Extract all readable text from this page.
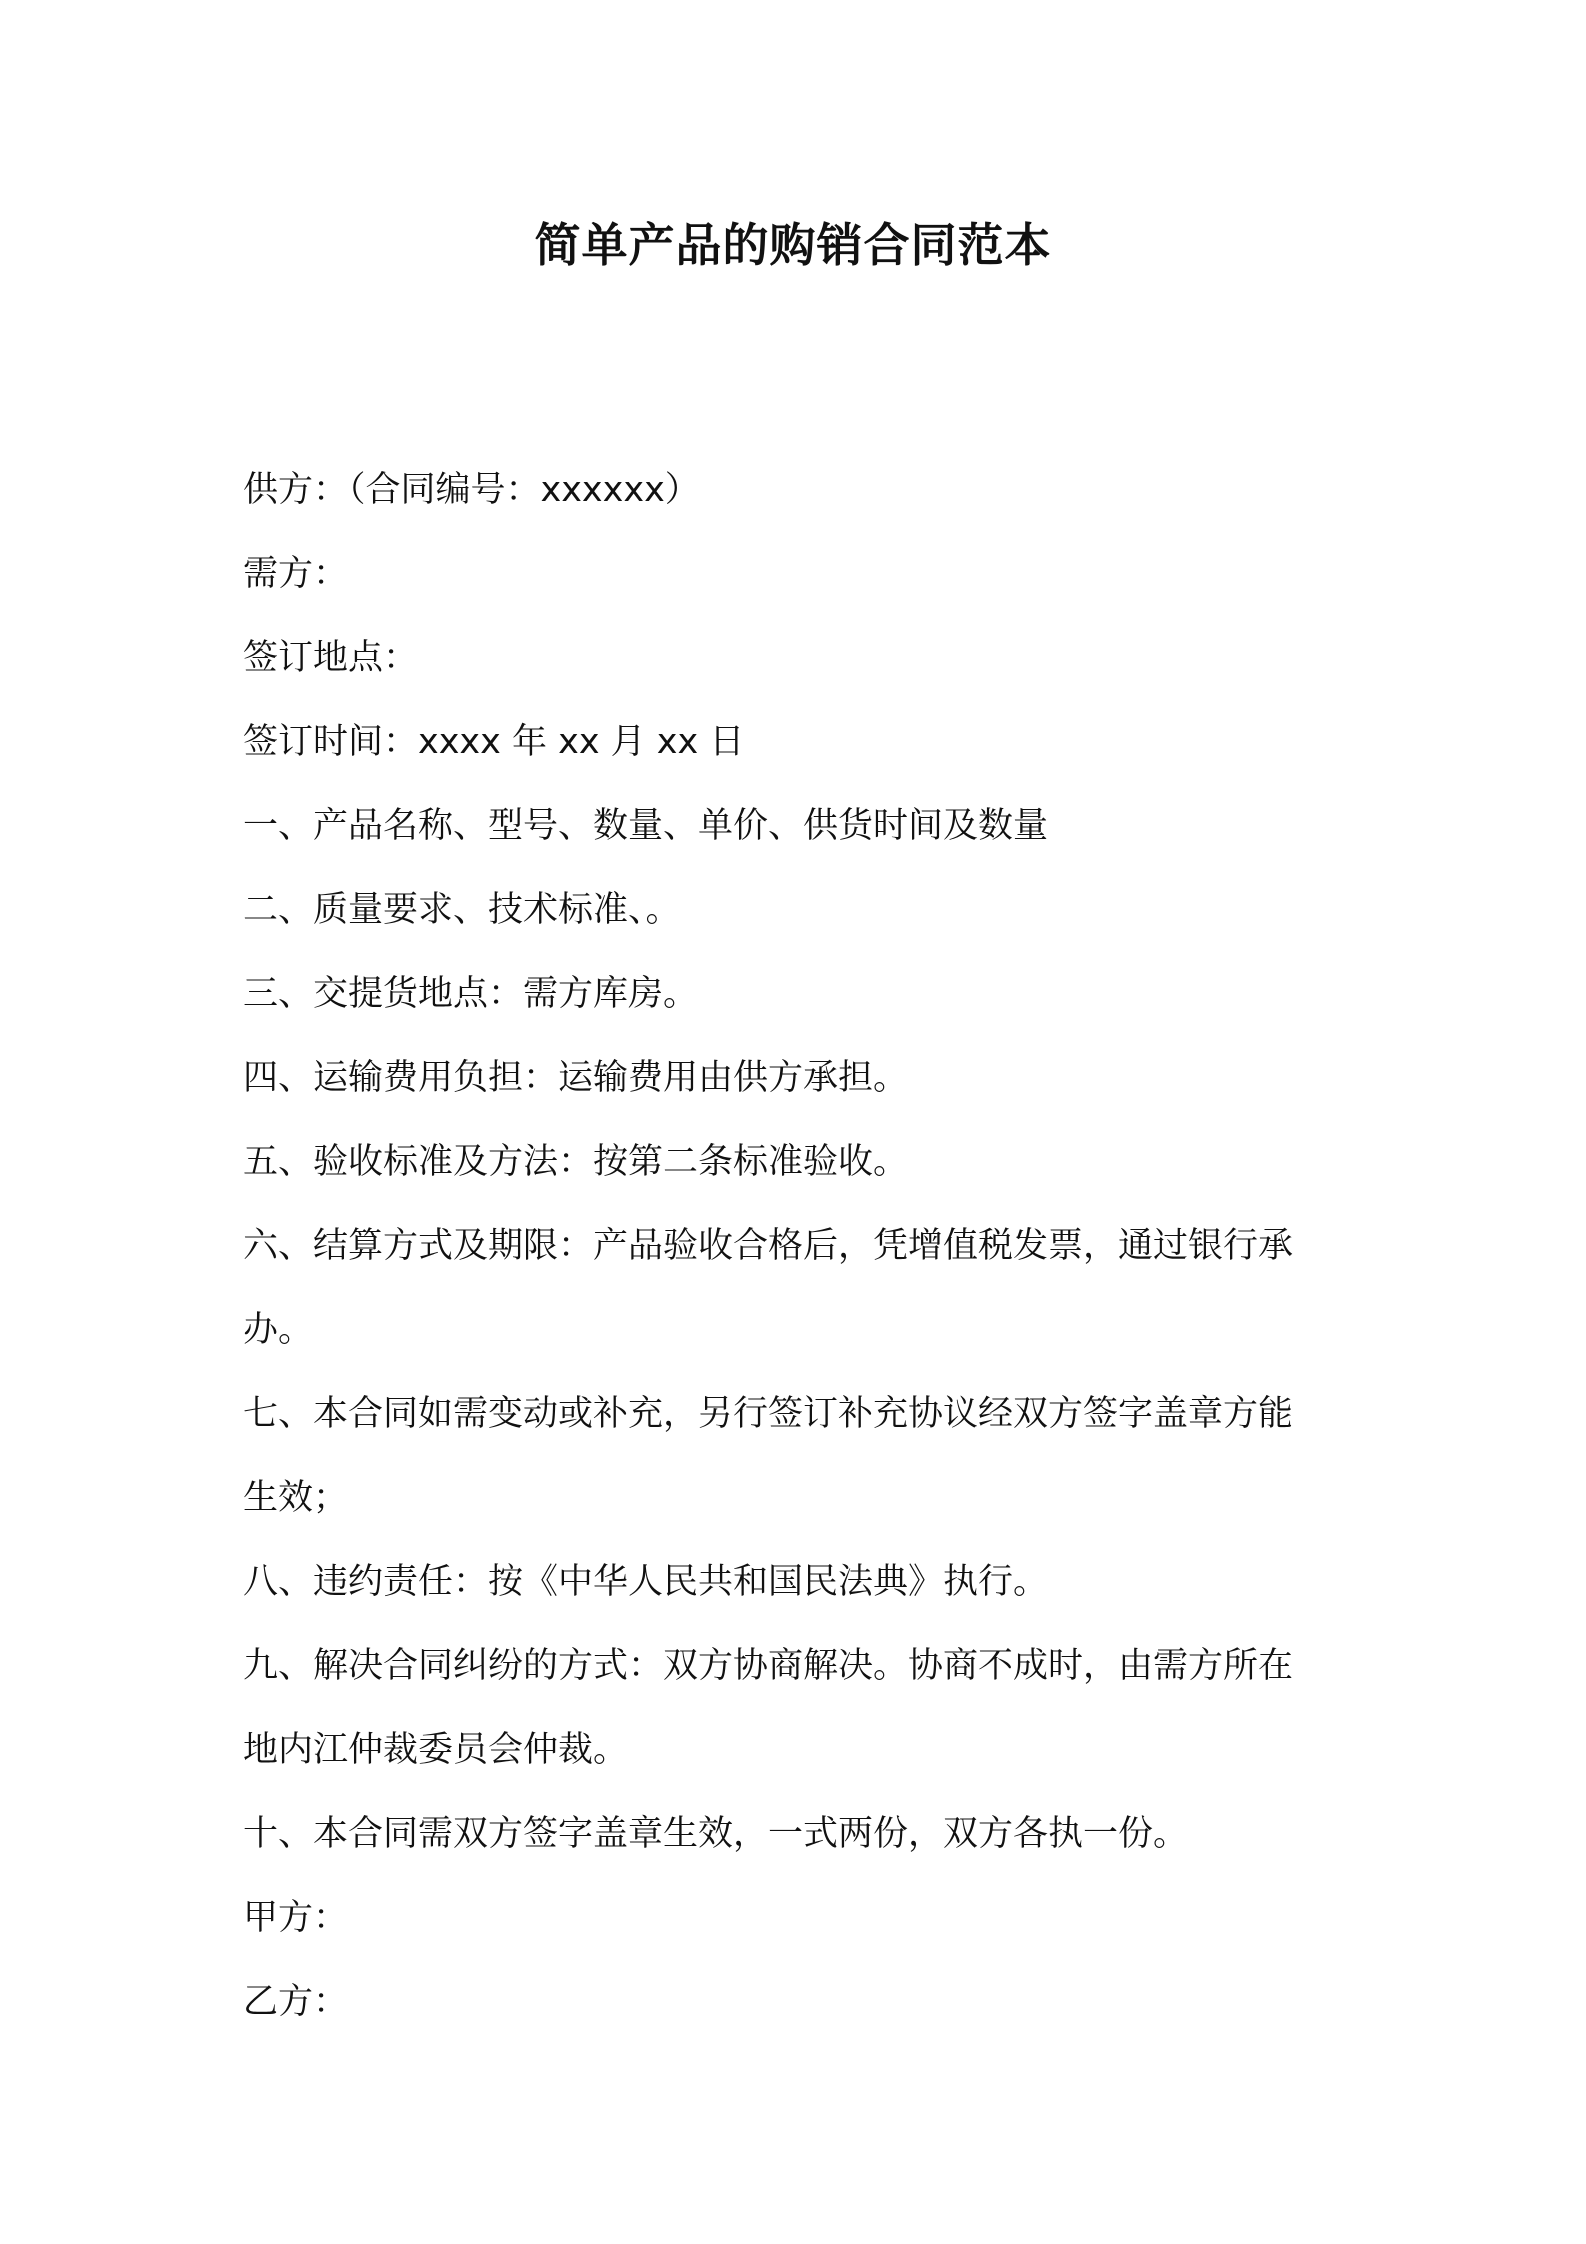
简单产品的购销合同范本
供方：（合同编号：xxxxxx）
需方：
签订地点：
签订时间：xxxx 年 xx 月 xx 日
一、产品名称、型号、数量、单价、供货时间及数量
二、质量要求、技术标准、。
三、交提货地点：需方库房。
四、运输费用负担：运输费用由供方承担。
五、验收标准及方法：按第二条标准验收。
六、结算方式及期限：产品验收合格后，凭增值税发票，通过银行承
办。
七、本合同如需变动或补充，另行签订补充协议经双方签字盖章方能
生效；
八、违约责任：按《中华人民共和国民法典》执行。
九、解决合同纠纷的方式：双方协商解决。协商不成时，由需方所在
地内江仲裁委员会仲裁。
十、本合同需双方签字盖章生效，一式两份，双方各执一份。
甲方：
乙方：
